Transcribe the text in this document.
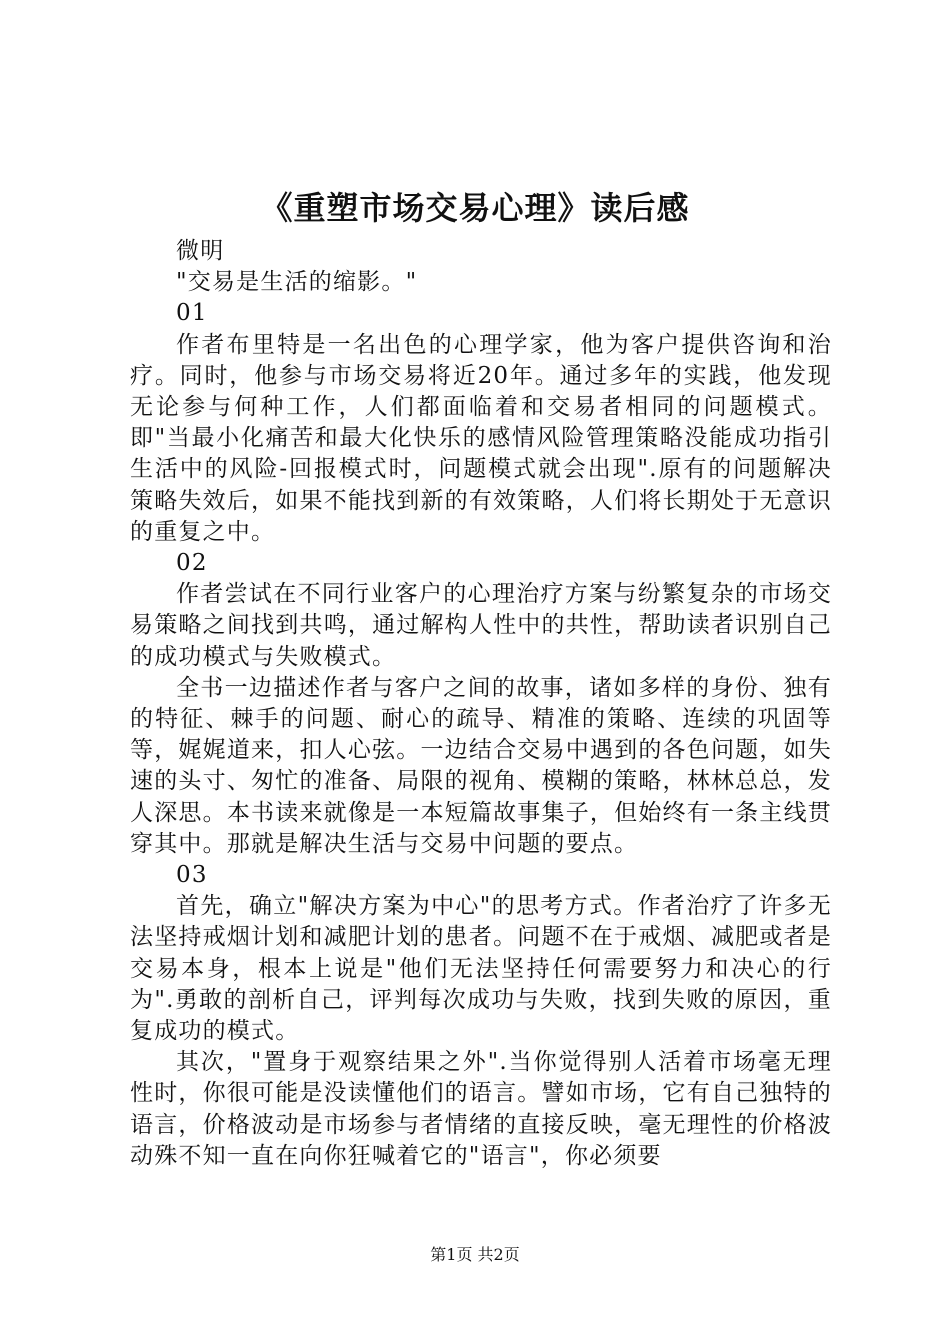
《重塑市场交易心理》读后感

微明

"交易是生活的缩影。"

01

作者布里特是一名出色的心理学家，他为客户提供咨询和治疗。同时，他参与市场交易将近20年。通过多年的实践，他发现无论参与何种工作，人们都面临着和交易者相同的问题模式。即"当最小化痛苦和最大化快乐的感情风险管理策略没能成功指引生活中的风险-回报模式时，问题模式就会出现".原有的问题解决策略失效后，如果不能找到新的有效策略，人们将长期处于无意识的重复之中。

02

作者尝试在不同行业客户的心理治疗方案与纷繁复杂的市场交易策略之间找到共鸣，通过解构人性中的共性，帮助读者识别自己的成功模式与失败模式。

全书一边描述作者与客户之间的故事，诸如多样的身份、独有的特征、棘手的问题、耐心的疏导、精准的策略、连续的巩固等等，娓娓道来，扣人心弦。一边结合交易中遇到的各色问题，如失速的头寸、匆忙的准备、局限的视角、模糊的策略，林林总总，发人深思。本书读来就像是一本短篇故事集子，但始终有一条主线贯穿其中。那就是解决生活与交易中问题的要点。

03

首先，确立"解决方案为中心"的思考方式。作者治疗了许多无法坚持戒烟计划和减肥计划的患者。问题不在于戒烟、减肥或者是交易本身，根本上说是"他们无法坚持任何需要努力和决心的行为".勇敢的剖析自己，评判每次成功与失败，找到失败的原因，重复成功的模式。

其次，"置身于观察结果之外".当你觉得别人活着市场毫无理性时，你很可能是没读懂他们的语言。譬如市场，它有自己独特的语言，价格波动是市场参与者情绪的直接反映，毫无理性的价格波动殊不知一直在向你狂喊着它的"语言"，你必须要

第1页 共2页
